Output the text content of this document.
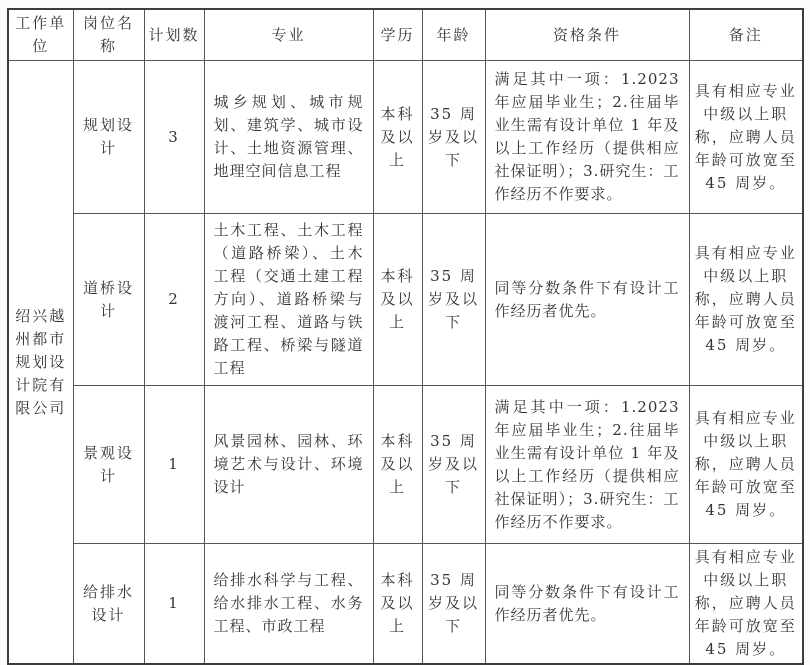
工作单位	岗位名称	计划数	专业	学历	年龄	资格条件	备注
绍兴越州都市规划设计院有限公司	规划设计	3	城乡规划、城市规划、建筑学、城市设计、土地资源管理、地理空间信息工程	本科及以上	35 周岁及以下	满足其中一项：1.2023 年应届毕业生；2.往届毕业生需有设计单位 1 年及以上工作经历（提供相应社保证明）；3.研究生：工作经历不作要求。	具有相应专业中级以上职称，应聘人员年龄可放宽至 45 周岁。
	道桥设计	2	土木工程、土木工程（道路桥梁）、土木工程（交通土建工程方向）、道路桥梁与渡河工程、道路与铁路工程、桥梁与隧道工程	本科及以上	35 周岁及以下	同等分数条件下有设计工作经历者优先。	具有相应专业中级以上职称，应聘人员年龄可放宽至 45 周岁。
	景观设计	1	风景园林、园林、环境艺术与设计、环境设计	本科及以上	35 周岁及以下	满足其中一项：1.2023 年应届毕业生；2.往届毕业生需有设计单位 1 年及以上工作经历（提供相应社保证明）；3.研究生：工作经历不作要求。	具有相应专业中级以上职称，应聘人员年龄可放宽至 45 周岁。
	给排水设计	1	给排水科学与工程、给水排水工程、水务工程、市政工程	本科及以上	35 周岁及以下	同等分数条件下有设计工作经历者优先。	具有相应专业中级以上职称，应聘人员年龄可放宽至 45 周岁。
